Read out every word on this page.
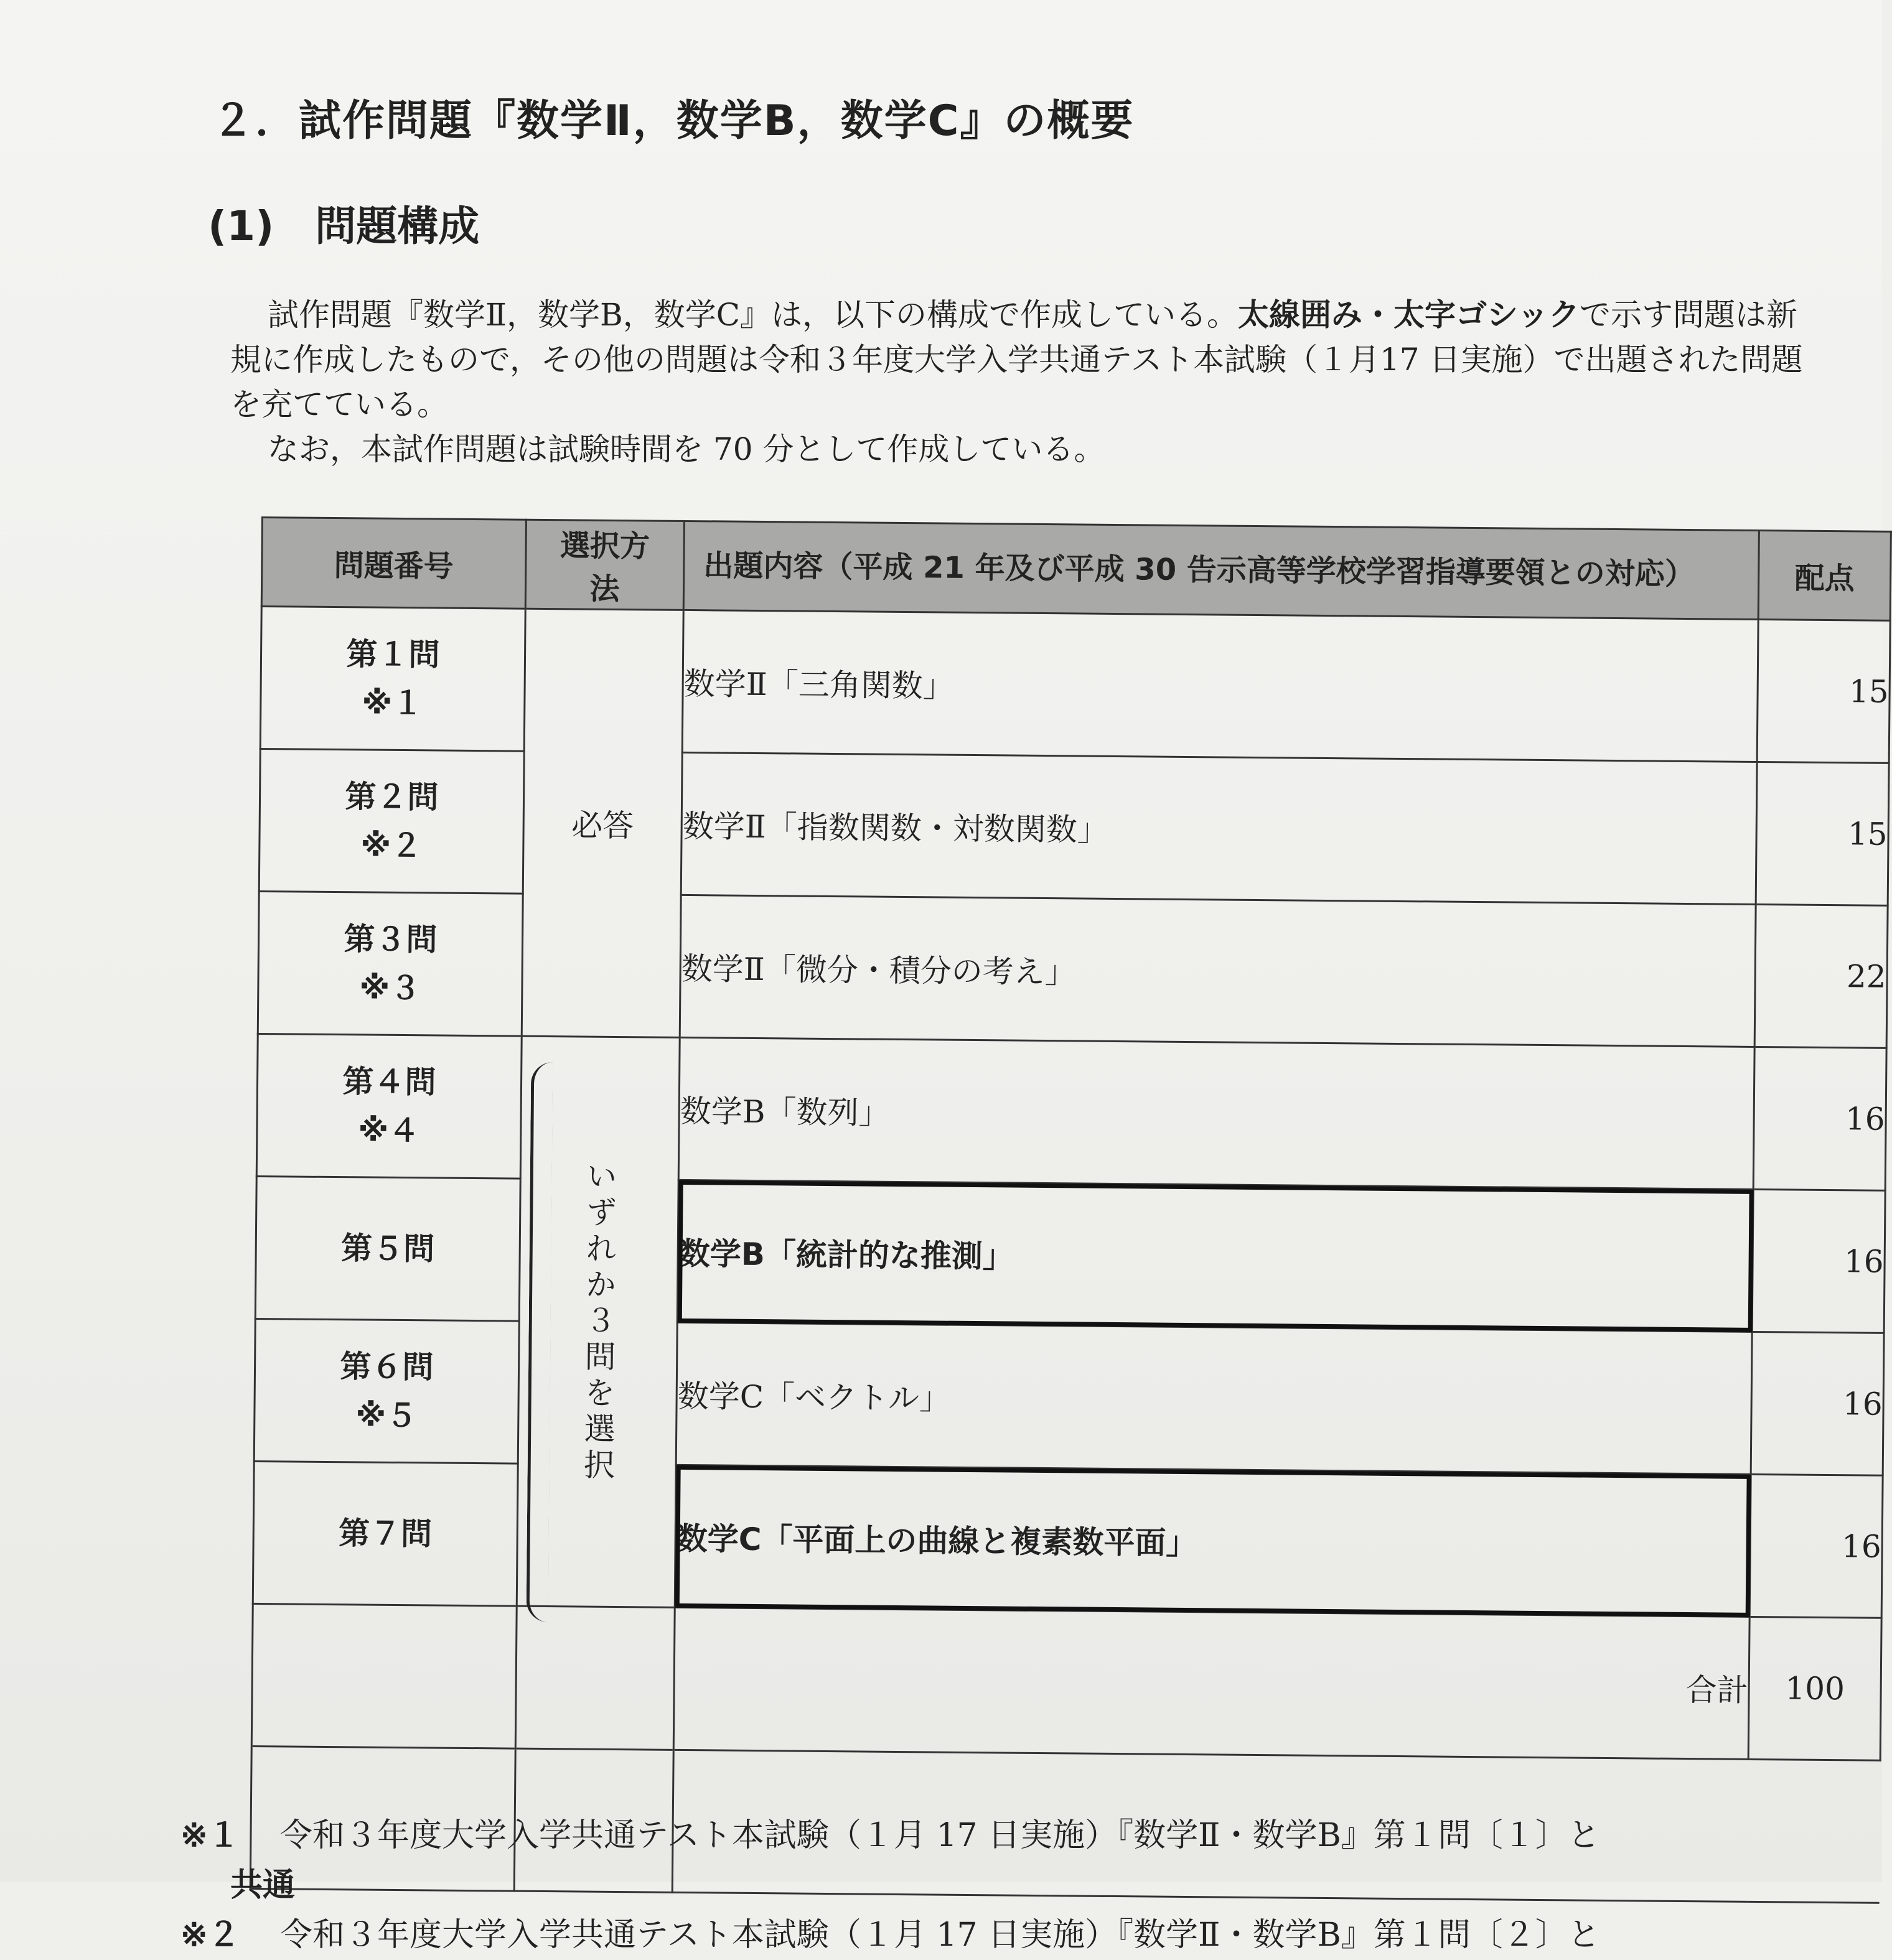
２．試作問題『数学Ⅱ，数学B，数学C』の概要
(1)　問題構成

試作問題『数学Ⅱ，数学B，数学C』は，以下の構成で作成している。太線囲み・太字ゴシックで示す問題は新規に作成したもので，その他の問題は令和３年度大学入学共通テスト本試験（１月17 日実施）で出題された問題を充てている。

なお，本試作問題は試験時間を 70 分として作成している。

問題番号	選択方法	出題内容（平成 21 年及び平成 30 告示高等学校学習指導要領との対応）	配点

第１問
※１	必答	数学Ⅱ「三角関数」	15

第２問
※２		数学Ⅱ「指数関数・対数関数」	15

第３問
※３		数学Ⅱ「微分・積分の考え」	22

第４問
※４	いずれか３問を選択	数学B「数列」	16

第５問		数学B「統計的な推測」	16

第６問
※５		数学C「ベクトル」	16

第７問		数学C「平面上の曲線と複素数平面」	16
		合計	100

※１ 令和３年度大学入学共通テスト本試験（１月 17 日実施）『数学Ⅱ・数学B』第１問〔１〕と
共通
※２ 令和３年度大学入学共通テスト本試験（１月 17 日実施）『数学Ⅱ・数学B』第１問〔２〕と
